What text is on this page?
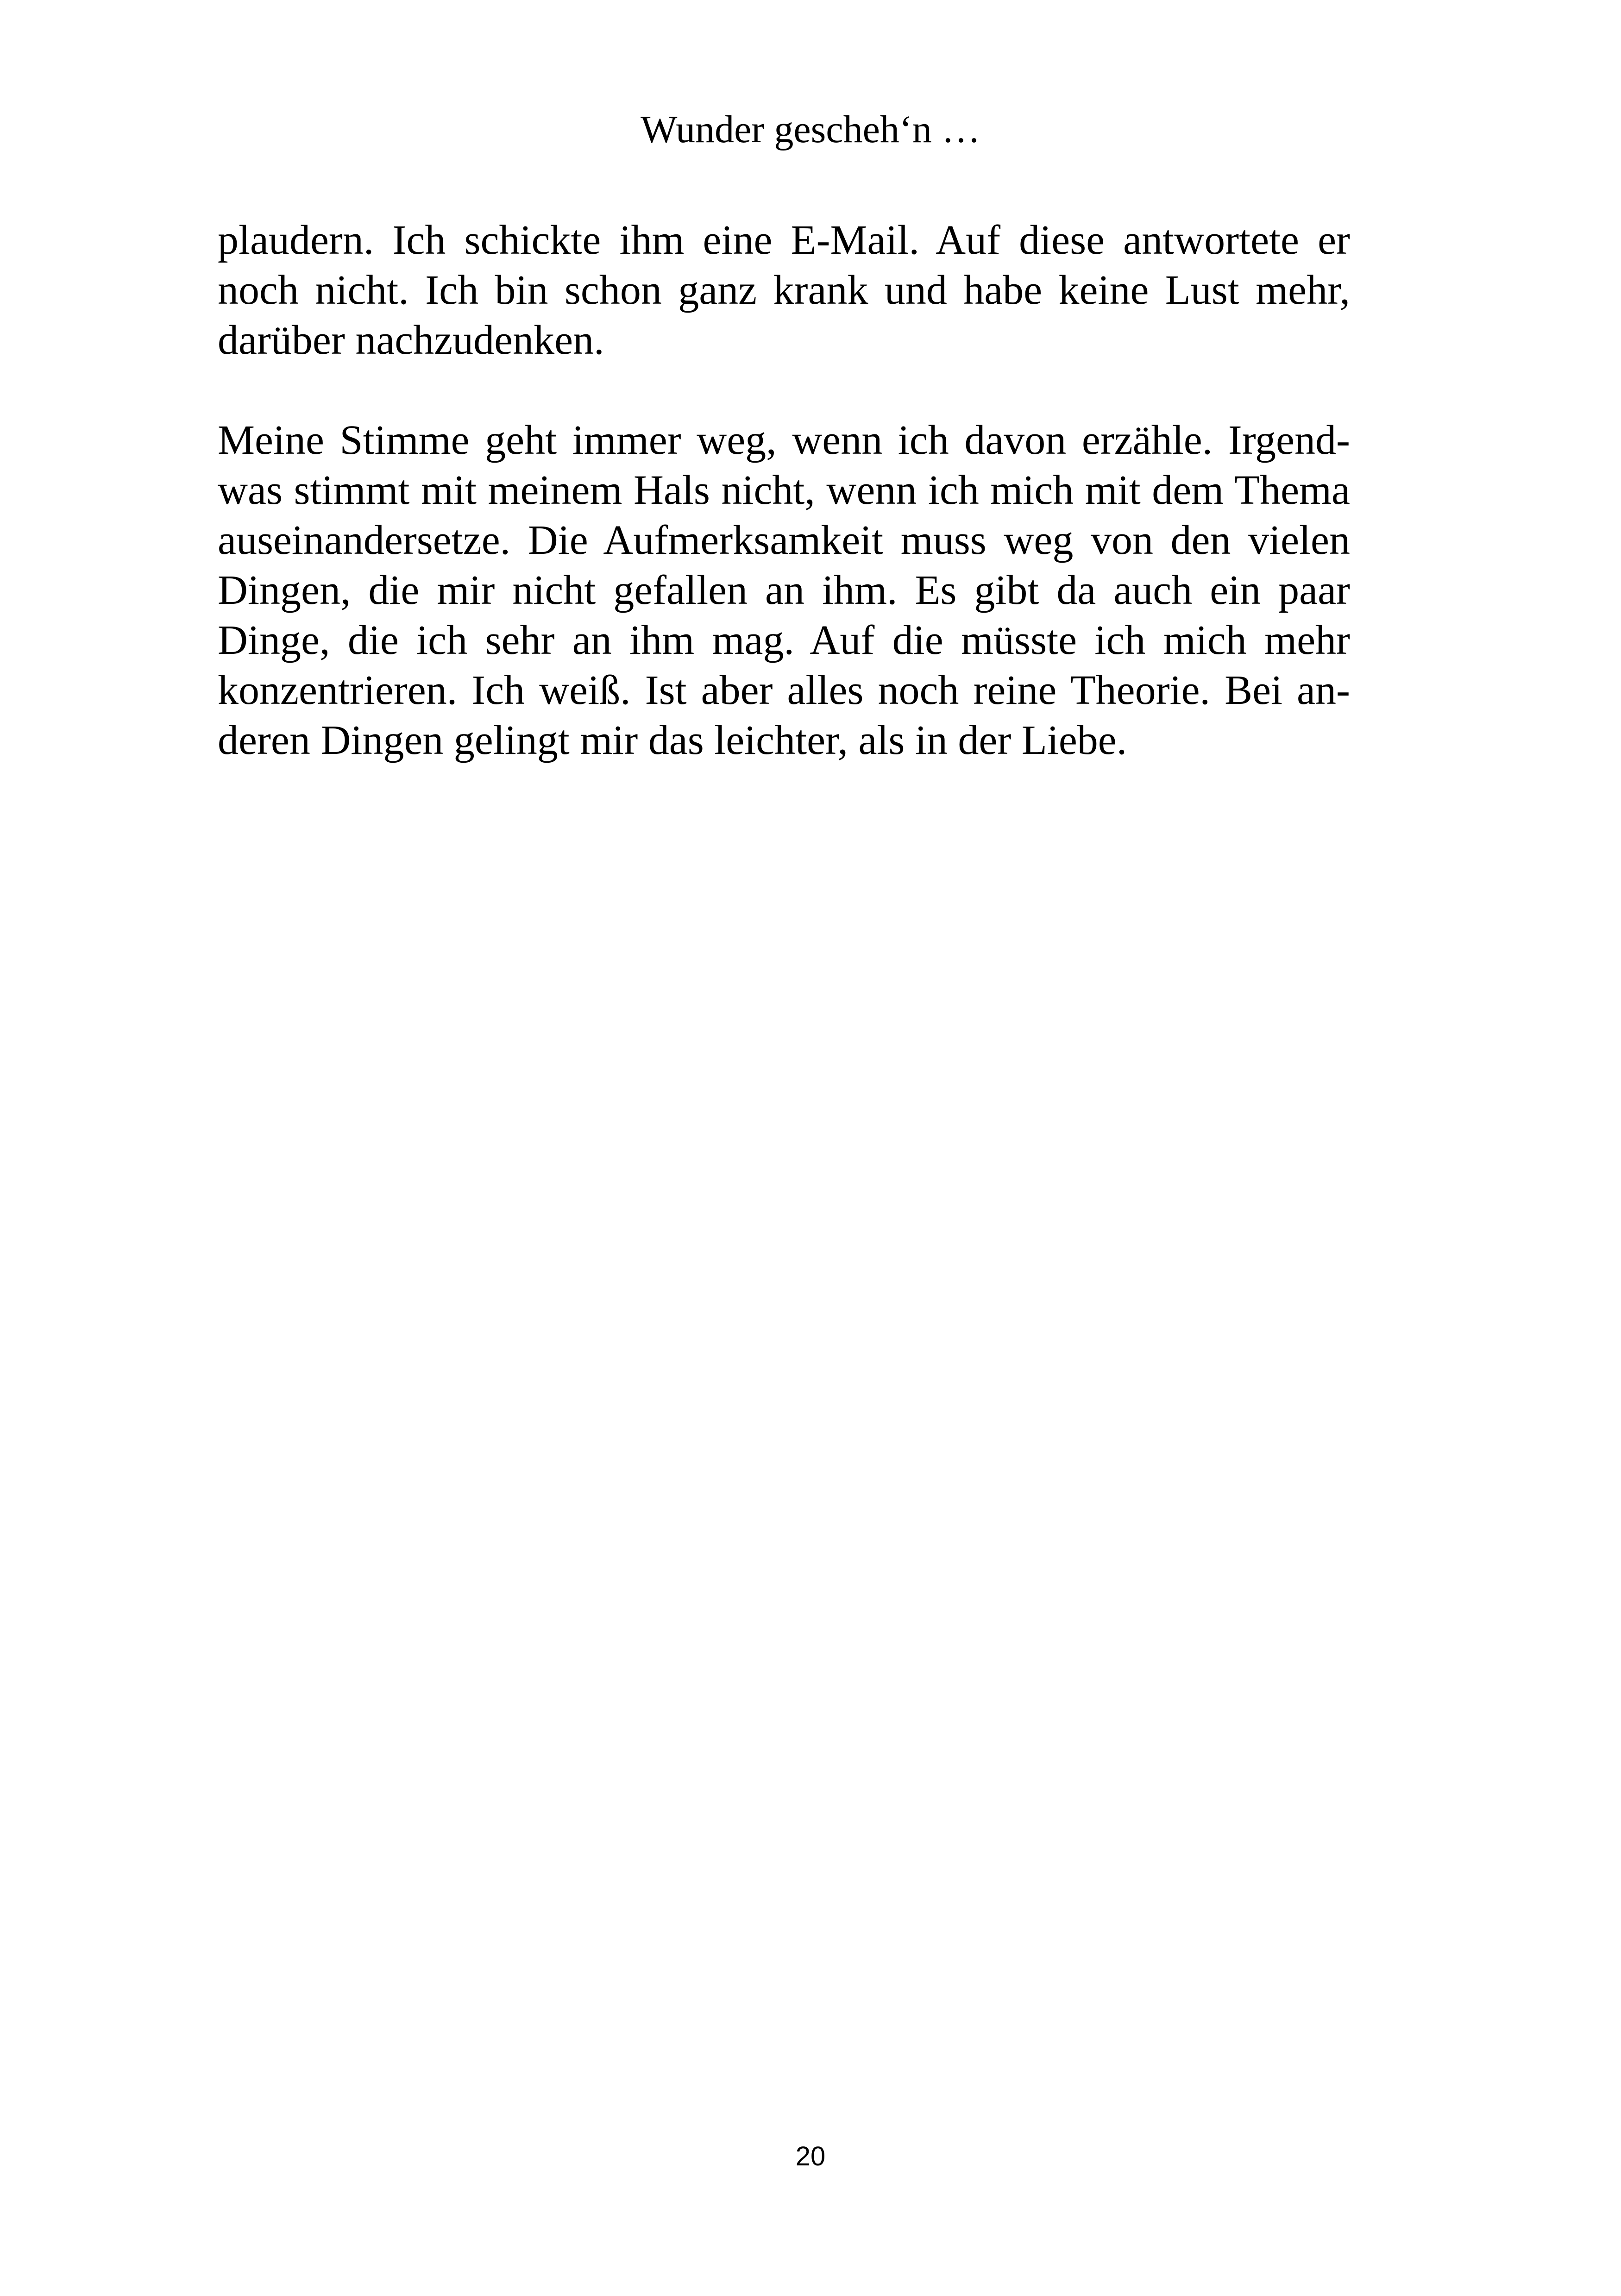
Wunder gescheh‘n …

plaudern. Ich schickte ihm eine E-Mail. Auf diese antwortete er noch nicht. Ich bin schon ganz krank und habe keine Lust mehr, darüber nachzudenken.

Meine Stimme geht immer weg, wenn ich davon erzähle. Irgendwas stimmt mit meinem Hals nicht, wenn ich mich mit dem Thema auseinandersetze. Die Aufmerksamkeit muss weg von den vielen Dingen, die mir nicht gefallen an ihm. Es gibt da auch ein paar Dinge, die ich sehr an ihm mag. Auf die müsste ich mich mehr konzentrieren. Ich weiß. Ist aber alles noch reine Theorie. Bei anderen Dingen gelingt mir das leichter, als in der Liebe.

20
